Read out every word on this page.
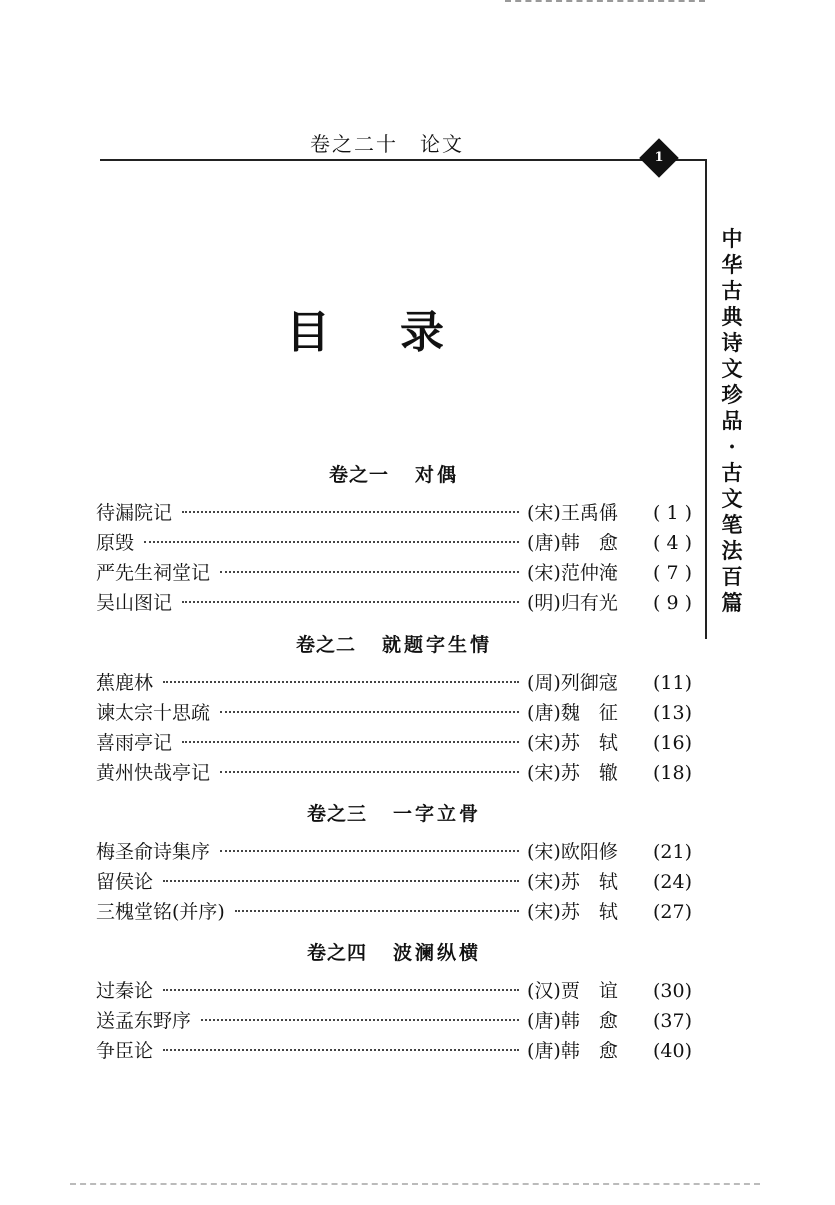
卷之二十　论文
1
中
华
古
典
诗
文
珍
品
·
古
文
笔
法
百
篇
目录
卷之一 对偶
待漏院记	(宋)王禹偁	( 1 )
原毁	(唐)韩　愈	( 4 )
严先生祠堂记	(宋)范仲淹	( 7 )
吴山图记	(明)归有光	( 9 )
卷之二 就题字生情
蕉鹿林	(周)列御寇	(11)
谏太宗十思疏	(唐)魏　征	(13)
喜雨亭记	(宋)苏　轼	(16)
黄州快哉亭记	(宋)苏　辙	(18)
卷之三 一字立骨
梅圣俞诗集序	(宋)欧阳修	(21)
留侯论	(宋)苏　轼	(24)
三槐堂铭(并序)	(宋)苏　轼	(27)
卷之四 波澜纵横
过秦论	(汉)贾　谊	(30)
送孟东野序	(唐)韩　愈	(37)
争臣论	(唐)韩　愈	(40)
